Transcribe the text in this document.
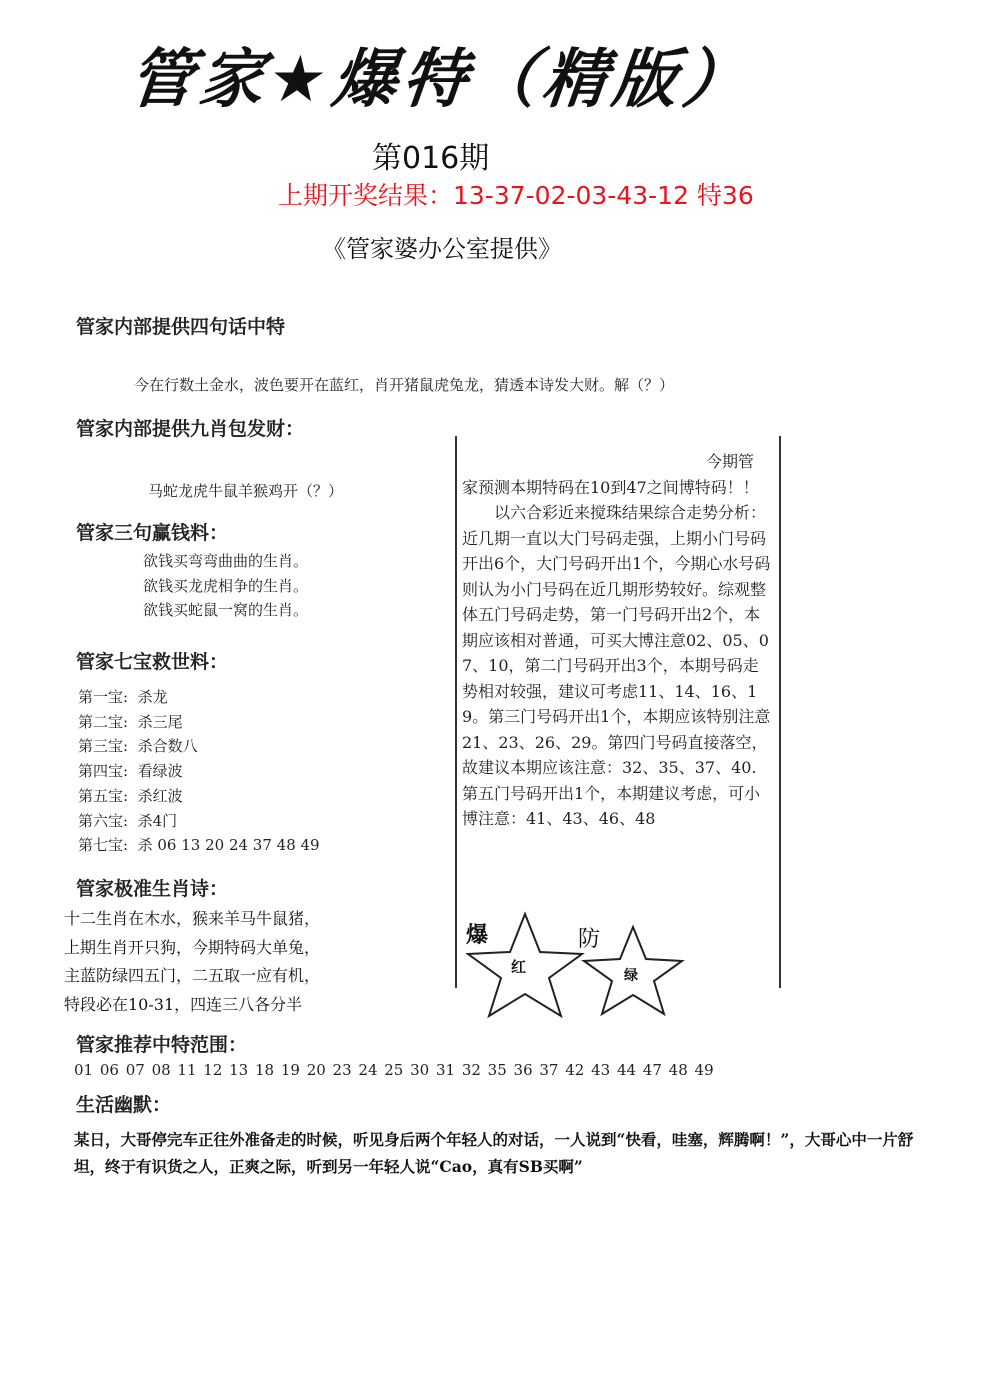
管家★爆特（精版）
第016期
上期开奖结果：13-37-02-03-43-12 特36
《管家婆办公室提供》
管家内部提供四句话中特
今在行数土金水，波色要开在蓝红，肖开猪鼠虎兔龙，猜透本诗发大财。解（？）
管家内部提供九肖包发财：
马蛇龙虎牛鼠羊猴鸡开（？）
管家三句赢钱料：
欲钱买弯弯曲曲的生肖。
欲钱买龙虎相争的生肖。
欲钱买蛇鼠一窝的生肖。
管家七宝救世料：
第一宝: 杀龙
第二宝: 杀三尾
第三宝: 杀合数八
第四宝: 看绿波
第五宝: 杀红波
第六宝: 杀4门
第七宝: 杀 06 13 20 24 37 48 49
管家极准生肖诗：
十二生肖在木水，猴来羊马牛鼠猪，
上期生肖开只狗，今期特码大单兔，
主蓝防绿四五门，二五取一应有机，
特段必在10-31，四连三八各分半

今期管

家预测本期特码在10到47之间博特码！！

以六合彩近来搅珠结果综合走势分析：近几期一直以大门号码走强，上期小门号码开出6个，大门号码开出1个，今期心水号码则认为小门号码在近几期形势较好。综观整体五门号码走势，第一门号码开出2个，本期应该相对普通，可买大博注意02、05、07、10，第二门号码开出3个，本期号码走势相对较强，建议可考虑11、14、16、19。第三门号码开出1个，本期应该特别注意21、23、26、29。第四门号码直接落空，故建议本期应该注意：32、35、37、40.第五门号码开出1个，本期建议考虑，可小博注意：41、43、46、48

爆
红
防
绿
管家推荐中特范围：
01 06 07 08 11 12 13 18 19 20 23 24 25 30 31 32 35 36 37 42 43 44 47 48 49
生活幽默：
某日，大哥停完车正往外准备走的时候，听见身后两个年轻人的对话，一人说到“快看，哇塞，辉腾啊！”，大哥心中一片舒坦，终于有识货之人，正爽之际，听到另一年轻人说“Cao，真有SB买啊”
